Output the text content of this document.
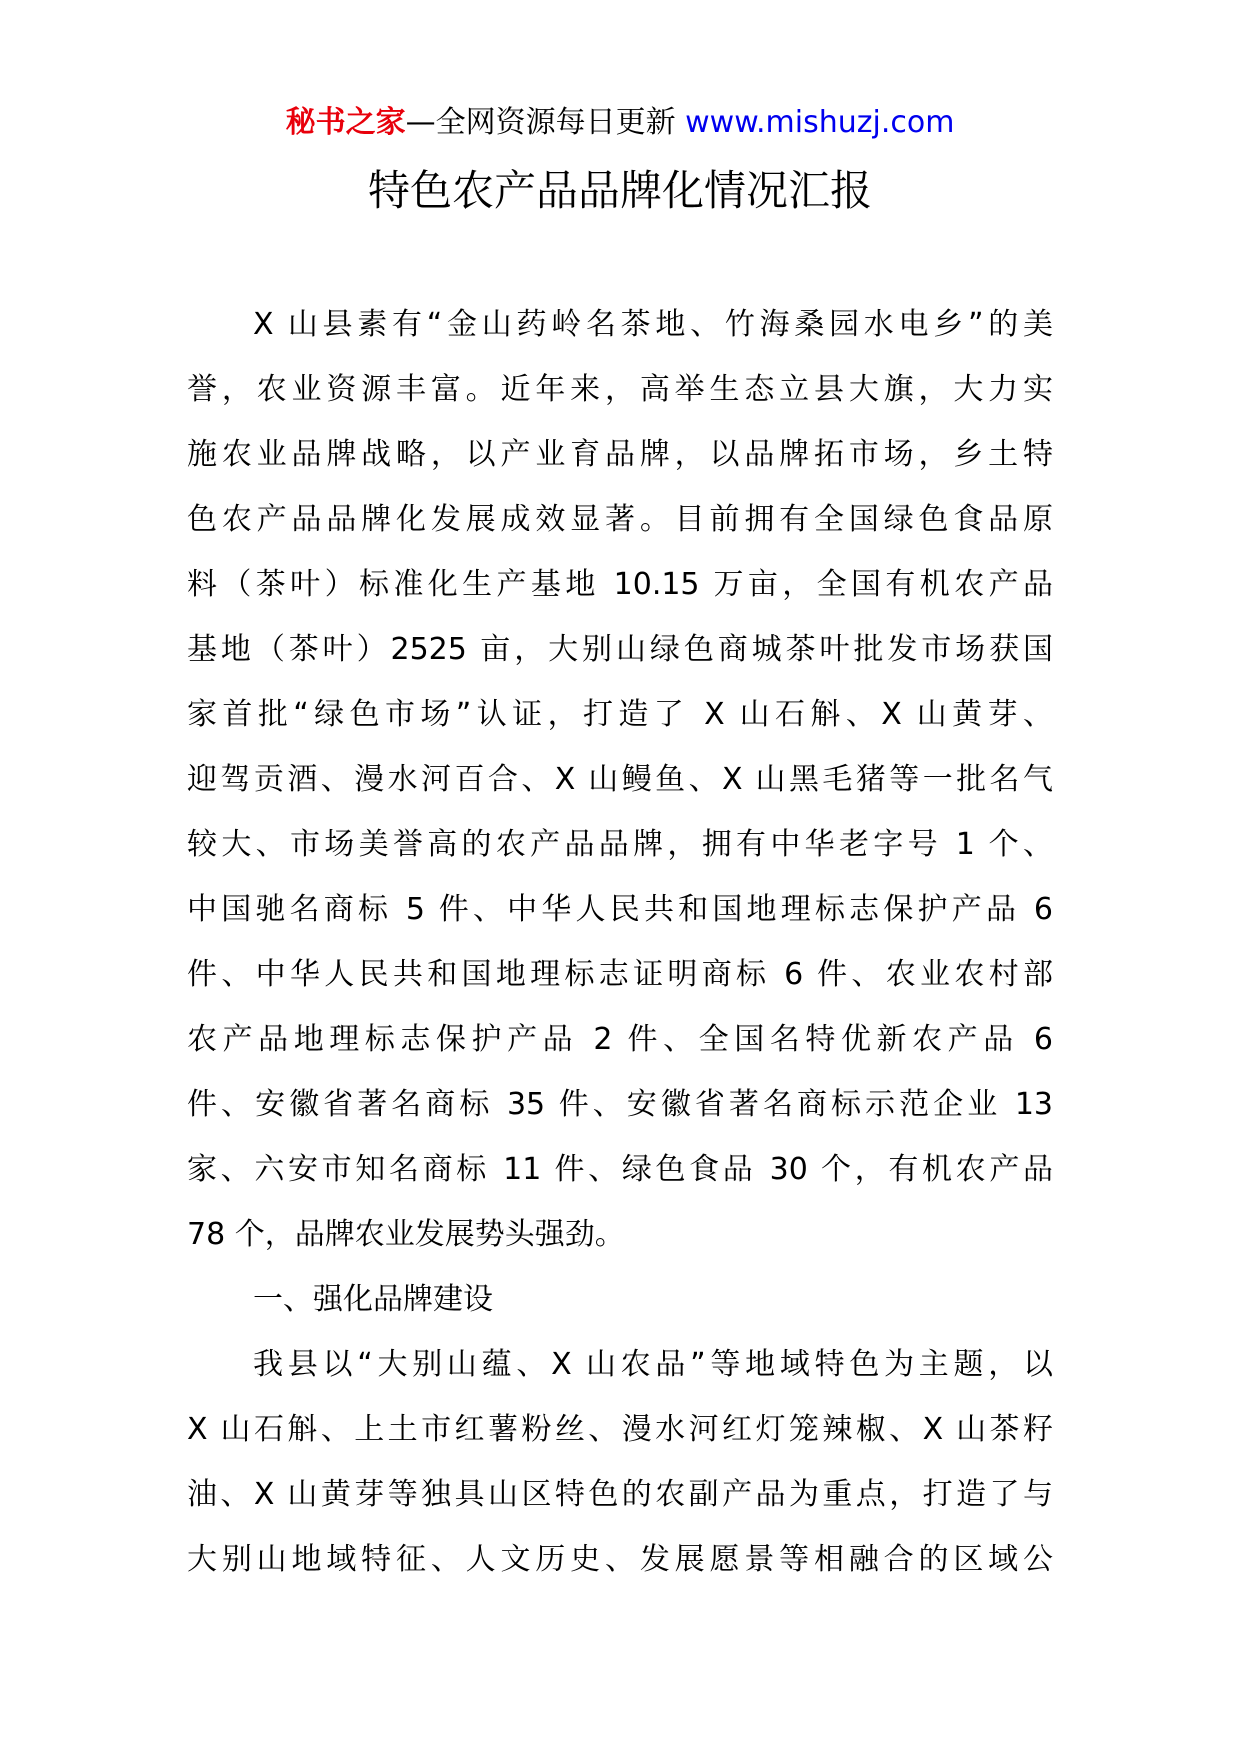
秘书之家—全网资源每日更新 www.mishuzj.com
特色农产品品牌化情况汇报
X 山县素有“金山药岭名茶地、竹海桑园水电乡”的美
誉，农业资源丰富。近年来，高举生态立县大旗，大力实
施农业品牌战略，以产业育品牌，以品牌拓市场，乡土特
色农产品品牌化发展成效显著。目前拥有全国绿色食品原
料（茶叶）标准化生产基地 10.15 万亩，全国有机农产品
基地（茶叶）2525 亩，大别山绿色商城茶叶批发市场获国
家首批“绿色市场”认证，打造了 X 山石斛、X 山黄芽、
迎驾贡酒、漫水河百合、X 山鳗鱼、X 山黑毛猪等一批名气
较大、市场美誉高的农产品品牌，拥有中华老字号 1 个、
中国驰名商标 5 件、中华人民共和国地理标志保护产品 6
件、中华人民共和国地理标志证明商标 6 件、农业农村部
农产品地理标志保护产品 2 件、全国名特优新农产品 6
件、安徽省著名商标 35 件、安徽省著名商标示范企业 13
家、六安市知名商标 11 件、绿色食品 30 个，有机农产品
78 个，品牌农业发展势头强劲。
一、强化品牌建设
我县以“大别山蕴、X 山农品”等地域特色为主题，以
X 山石斛、上土市红薯粉丝、漫水河红灯笼辣椒、X 山茶籽
油、X 山黄芽等独具山区特色的农副产品为重点，打造了与
大别山地域特征、人文历史、发展愿景等相融合的区域公
